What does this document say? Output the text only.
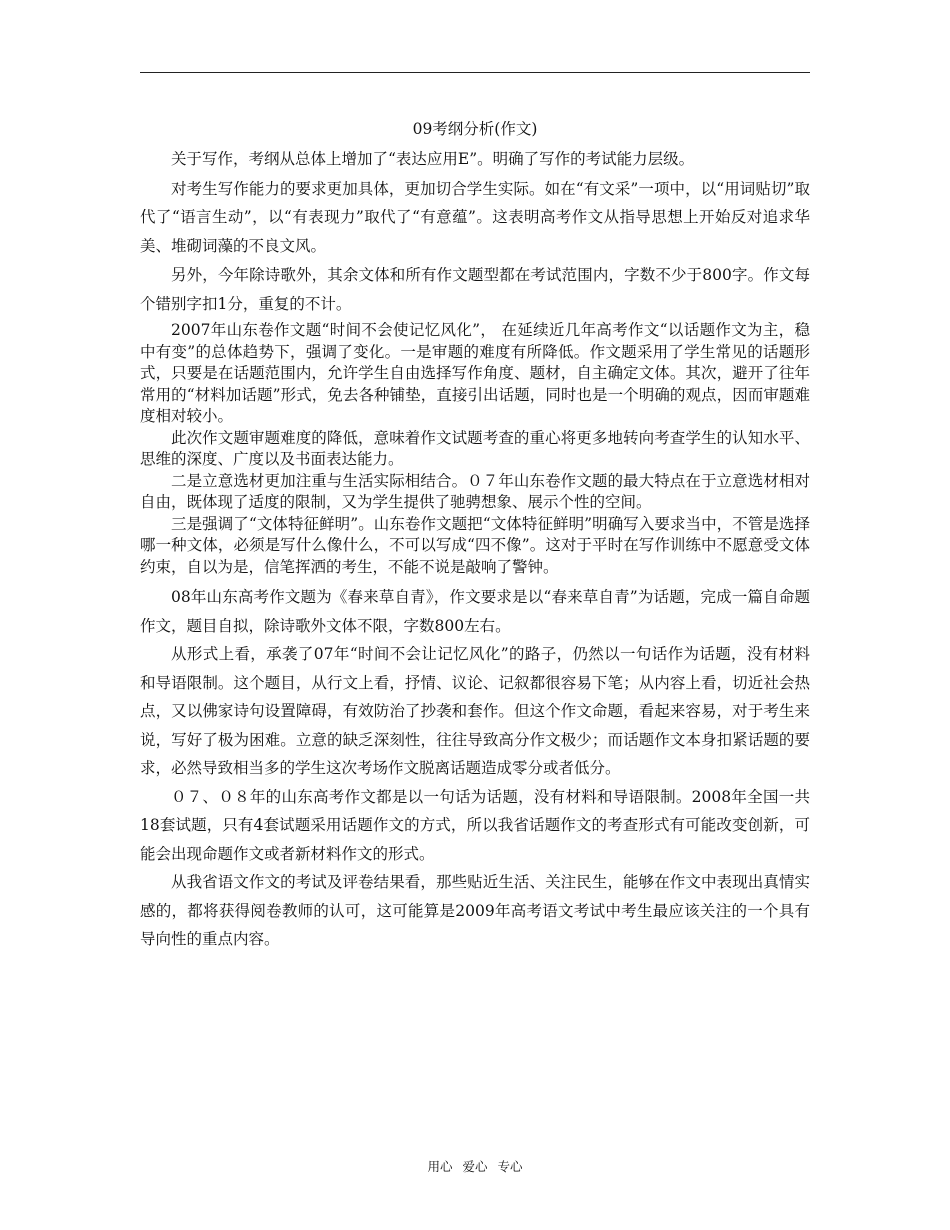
09考纲分析(作文)

关于写作，考纲从总体上增加了“表达应用E”。明确了写作的考试能力层级。

对考生写作能力的要求更加具体，更加切合学生实际。如在“有文采”一项中，以“用词贴切”取代了“语言生动”，以“有表现力”取代了“有意蕴”。这表明高考作文从指导思想上开始反对追求华美、堆砌词藻的不良文风。

另外，今年除诗歌外，其余文体和所有作文题型都在考试范围内，字数不少于800字。作文每个错别字扣1分，重复的不计。

2007年山东卷作文题“时间不会使记忆风化”， 在延续近几年高考作文“以话题作文为主，稳中有变”的总体趋势下，强调了变化。一是审题的难度有所降低。作文题采用了学生常见的话题形式，只要是在话题范围内，允许学生自由选择写作角度、题材，自主确定文体。其次，避开了往年常用的“材料加话题”形式，免去各种铺垫，直接引出话题，同时也是一个明确的观点，因而审题难度相对较小。

此次作文题审题难度的降低，意味着作文试题考查的重心将更多地转向考查学生的认知水平、思维的深度、广度以及书面表达能力。

二是立意选材更加注重与生活实际相结合。０７年山东卷作文题的最大特点在于立意选材相对自由，既体现了适度的限制，又为学生提供了驰骋想象、展示个性的空间。

三是强调了“文体特征鲜明”。山东卷作文题把“文体特征鲜明”明确写入要求当中，不管是选择哪一种文体，必须是写什么像什么，不可以写成“四不像”。这对于平时在写作训练中不愿意受文体约束，自以为是，信笔挥洒的考生，不能不说是敲响了警钟。

08年山东高考作文题为《春来草自青》，作文要求是以“春来草自青”为话题，完成一篇自命题作文，题目自拟，除诗歌外文体不限，字数800左右。

从形式上看，承袭了07年“时间不会让记忆风化”的路子，仍然以一句话作为话题，没有材料和导语限制。这个题目，从行文上看，抒情、议论、记叙都很容易下笔；从内容上看，切近社会热点，又以佛家诗句设置障碍，有效防治了抄袭和套作。但这个作文命题，看起来容易，对于考生来说，写好了极为困难。立意的缺乏深刻性，往往导致高分作文极少；而话题作文本身扣紧话题的要求，必然导致相当多的学生这次考场作文脱离话题造成零分或者低分。

０７、０８年的山东高考作文都是以一句话为话题，没有材料和导语限制。2008年全国一共18套试题，只有4套试题采用话题作文的方式，所以我省话题作文的考查形式有可能改变创新，可能会出现命题作文或者新材料作文的形式。

从我省语文作文的考试及评卷结果看，那些贴近生活、关注民生，能够在作文中表现出真情实感的，都将获得阅卷教师的认可，这可能算是2009年高考语文考试中考生最应该关注的一个具有导向性的重点内容。

用心 爱心 专心
